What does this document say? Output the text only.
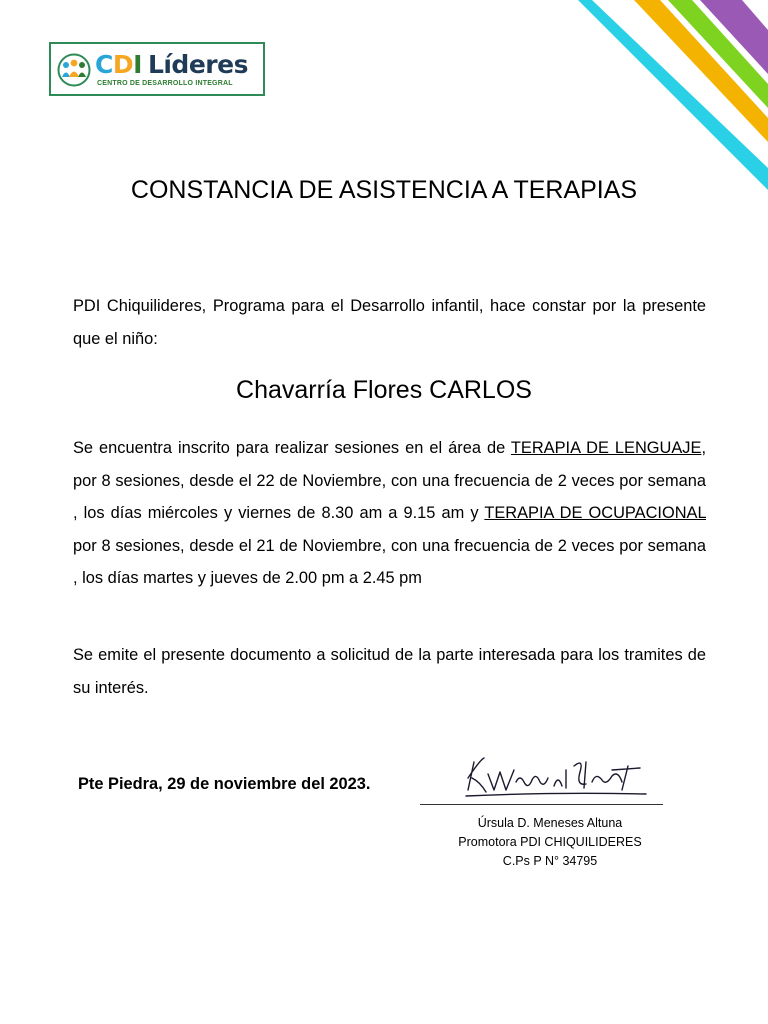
CDI Líderes
CENTRO DE DESARROLLO INTEGRAL
CONSTANCIA DE ASISTENCIA A TERAPIAS
PDI Chiquilideres, Programa para el Desarrollo infantil, hace constar por la presente que el niño:
Chavarría Flores CARLOS
Se encuentra inscrito para realizar sesiones en el área de TERAPIA DE LENGUAJE, por 8 sesiones, desde el 22 de Noviembre, con una frecuencia de 2 veces por semana , los días miércoles y viernes de 8.30 am a 9.15 am y TERAPIA DE OCUPACIONAL por 8 sesiones, desde el 21 de Noviembre, con una frecuencia de 2 veces por semana , los días martes y jueves de 2.00 pm a 2.45 pm
Se emite el presente documento a solicitud de la parte interesada para los tramites de su interés.
Pte Piedra, 29 de noviembre del 2023.
Úrsula D. Meneses Altuna
Promotora PDI CHIQUILIDERES
C.Ps P N° 34795
